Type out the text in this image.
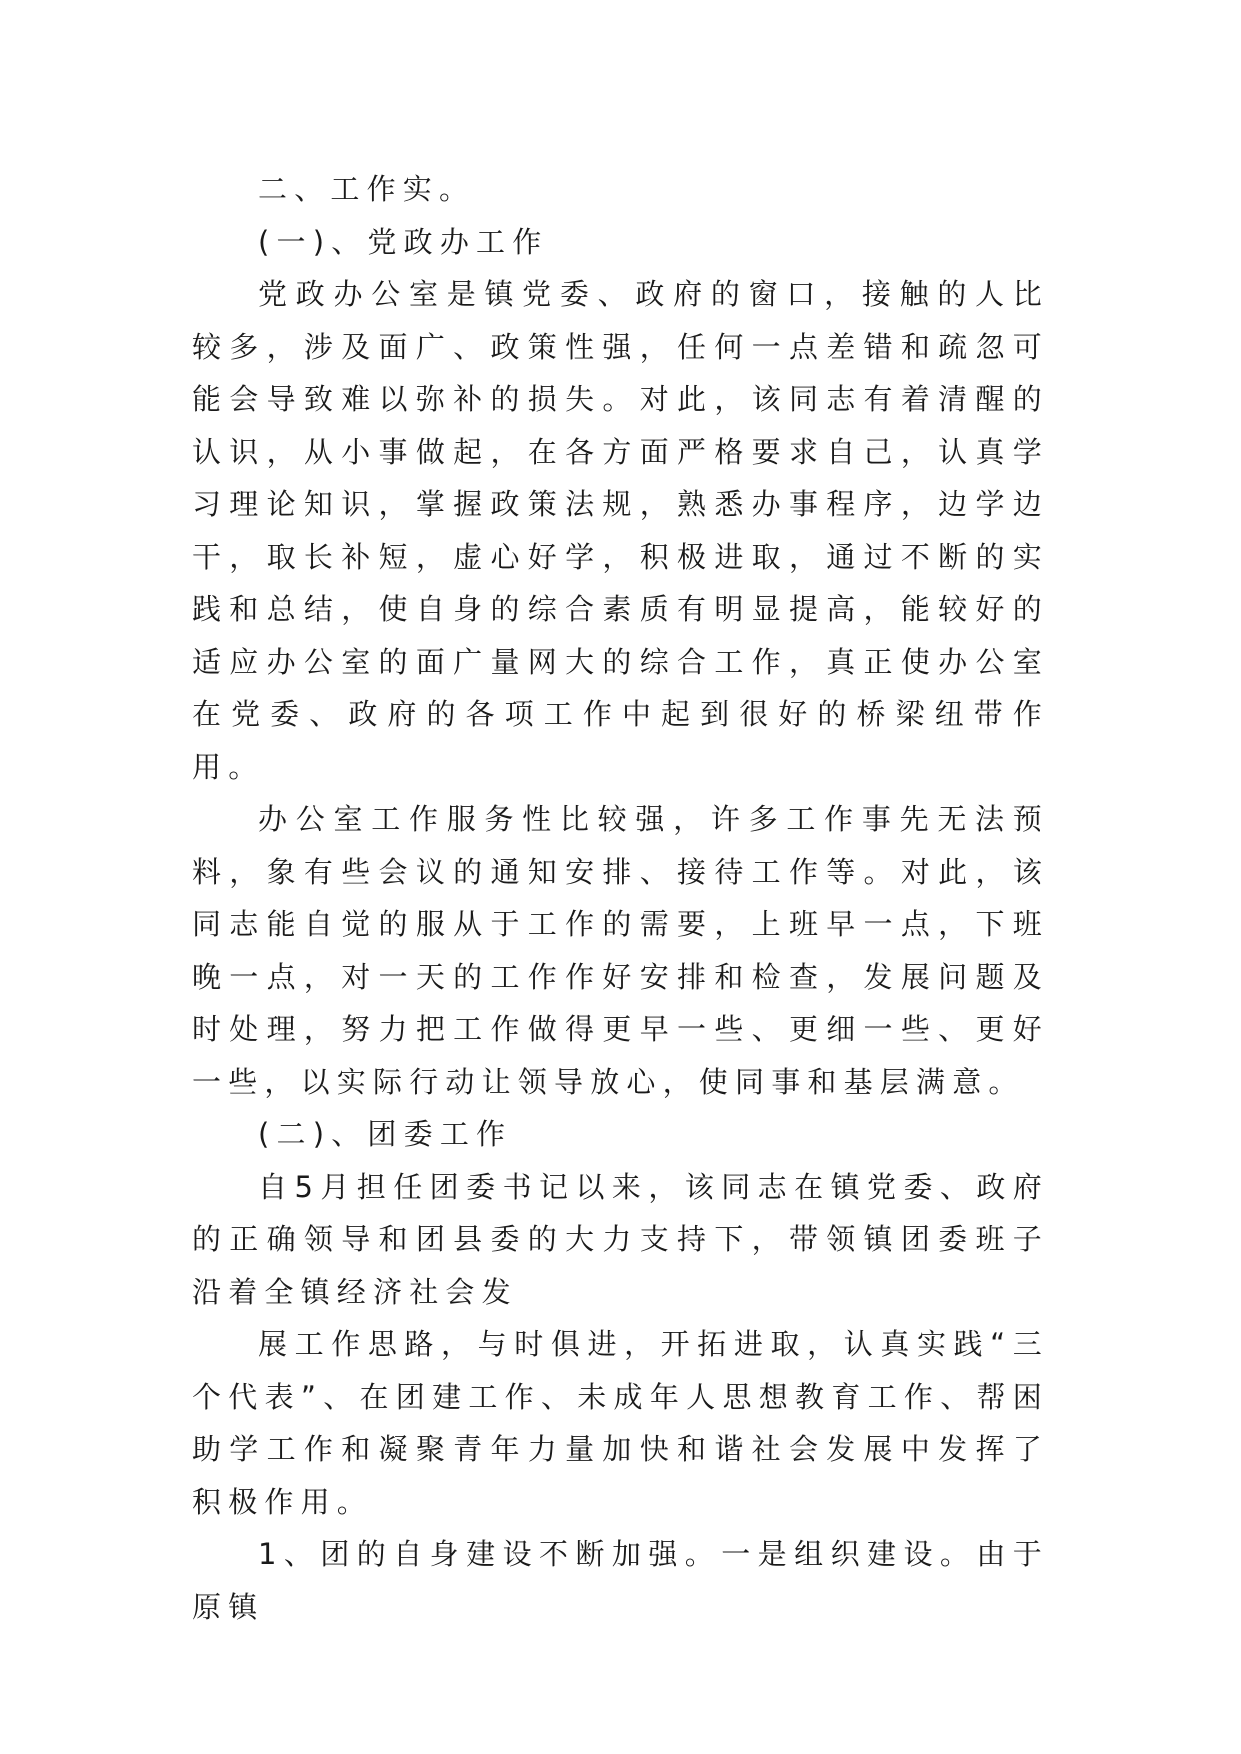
二、工作实。

(一)、党政办工作

党政办公室是镇党委、政府的窗口，接触的人比较多，涉及面广、政策性强，任何一点差错和疏忽可能会导致难以弥补的损失。对此，该同志有着清醒的认识，从小事做起，在各方面严格要求自己，认真学习理论知识，掌握政策法规，熟悉办事程序，边学边干，取长补短，虚心好学，积极进取，通过不断的实践和总结，使自身的综合素质有明显提高，能较好的适应办公室的面广量网大的综合工作，真正使办公室在党委、政府的各项工作中起到很好的桥梁纽带作用。

办公室工作服务性比较强，许多工作事先无法预料，象有些会议的通知安排、接待工作等。对此，该同志能自觉的服从于工作的需要，上班早一点，下班晚一点，对一天的工作作好安排和检查，发展问题及时处理，努力把工作做得更早一些、更细一些、更好一些，以实际行动让领导放心，使同事和基层满意。

(二)、团委工作

自5月担任团委书记以来，该同志在镇党委、政府的正确领导和团县委的大力支持下，带领镇团委班子沿着全镇经济社会发

展工作思路，与时俱进，开拓进取，认真实践“三个代表”、在团建工作、未成年人思想教育工作、帮困助学工作和凝聚青年力量加快和谐社会发展中发挥了积极作用。

1、团的自身建设不断加强。一是组织建设。由于原镇
